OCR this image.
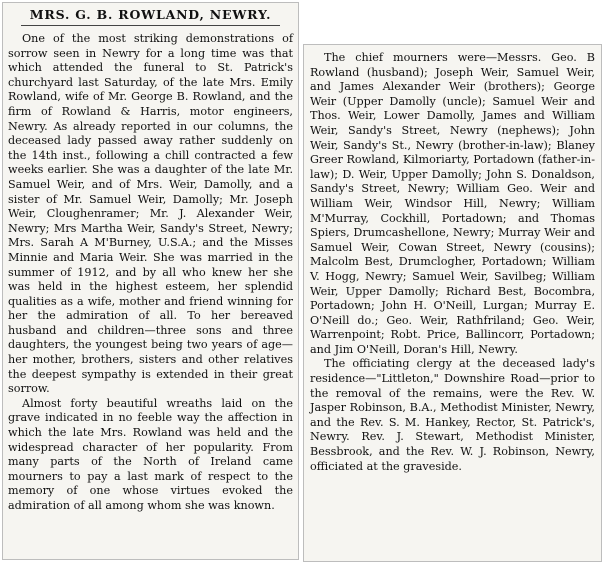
MRS. G. B. ROWLAND, NEWRY.

One of the most striking demonstrations of sorrow seen in Newry for a long time was that which attended the funeral to St. Patrick's churchyard last Saturday, of the late Mrs. Emily Rowland, wife of Mr. George B. Rowland, and the firm of Rowland & Harris, motor engineers, Newry. As already reported in our columns, the deceased lady passed away rather suddenly on the 14th inst., following a chill contracted a few weeks earlier. She was a daughter of the late Mr. Samuel Weir, and of Mrs. Weir, Damolly, and a sister of Mr. Samuel Weir, Damolly; Mr. Joseph Weir, Cloughenramer; Mr. J. Alexander Weir, Newry; Mrs Martha Weir, Sandy's Street, Newry; Mrs. Sarah A M'Burney, U.S.A.; and the Misses Minnie and Maria Weir. She was married in the summer of 1912, and by all who knew her she was held in the highest esteem, her splendid qualities as a wife, mother and friend winning for her the admiration of all. To her bereaved husband and children—three sons and three daughters, the youngest being two years of age—her mother, brothers, sisters and other relatives the deepest sympathy is extended in their great sorrow.

Almost forty beautiful wreaths laid on the grave indicated in no feeble way the affection in which the late Mrs. Rowland was held and the widespread character of her popularity. From many parts of the North of Ireland came mourners to pay a last mark of respect to the memory of one whose virtues evoked the admiration of all among whom she was known.

The chief mourners were—Messrs. Geo. B Rowland (husband); Joseph Weir, Samuel Weir, and James Alexander Weir (brothers); George Weir (Upper Damolly (uncle); Samuel Weir and Thos. Weir, Lower Damolly, James and William Weir, Sandy's Street, Newry (nephews); John Weir, Sandy's St., Newry (brother-in-law); Blaney Greer Rowland, Kilmoriarty, Portadown (father-in-law); D. Weir, Upper Damolly; John S. Donaldson, Sandy's Street, Newry; William Geo. Weir and William Weir, Windsor Hill, Newry; William M'Murray, Cockhill, Portadown; and Thomas Spiers, Drumcashellone, Newry; Murray Weir and Samuel Weir, Cowan Street, Newry (cousins); Malcolm Best, Drumclogher, Portadown; William V. Hogg, Newry; Samuel Weir, Savilbeg; William Weir, Upper Damolly; Richard Best, Bocombra, Portadown; John H. O'Neill, Lurgan; Murray E. O'Neill do.; Geo. Weir, Rathfriland; Geo. Weir, Warrenpoint; Robt. Price, Ballincorr, Portadown; and Jim O'Neill, Doran's Hill, Newry.

The officiating clergy at the deceased lady's residence—"Littleton," Downshire Road—prior to the removal of the remains, were the Rev. W. Jasper Robinson, B.A., Methodist Minister, Newry, and the Rev. S. M. Hankey, Rector, St. Patrick's, Newry. Rev. J. Stewart, Methodist Minister, Bessbrook, and the Rev. W. J. Robinson, Newry, officiated at the graveside.
